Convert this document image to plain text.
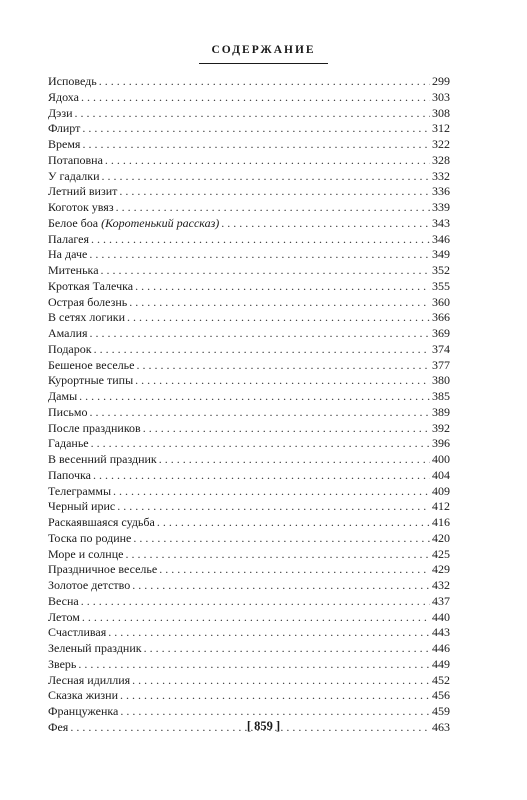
СОДЕРЖАНИЕ
Исповедь . . .	299
Ядоха . . .	303
Дэзи . . .	308
Флирт . . .	312
Время . . .	322
Потаповна . . .	328
У гадалки . . .	332
Летний визит . . .	336
Коготок увяз . . .	339
Белое боа (Коротенький рассказ) . . .	343
Палагея . . .	346
На даче . . .	349
Митенька . . .	352
Кроткая Талечка . . .	355
Острая болезнь . . .	360
В сетях логики . . .	366
Амалия . . .	369
Подарок . . .	374
Бешеное веселье . . .	377
Курортные типы . . .	380
Дамы . . .	385
Письмо . . .	389
После праздников . . .	392
Гаданье . . .	396
В весенний праздник . . .	400
Папочка . . .	404
Телеграммы . . .	409
Черный ирис . . .	412
Раскаявшаяся судьба . . .	416
Тоска по родине . . .	420
Море и солнце . . .	425
Праздничное веселье . . .	429
Золотое детство . . .	432
Весна . . .	437
Летом . . .	440
Счастливая . . .	443
Зеленый праздник . . .	446
Зверь . . .	449
Лесная идиллия . . .	452
Сказка жизни . . .	456
Француженка . . .	459
Фея . . .	463
[ 859 ]
